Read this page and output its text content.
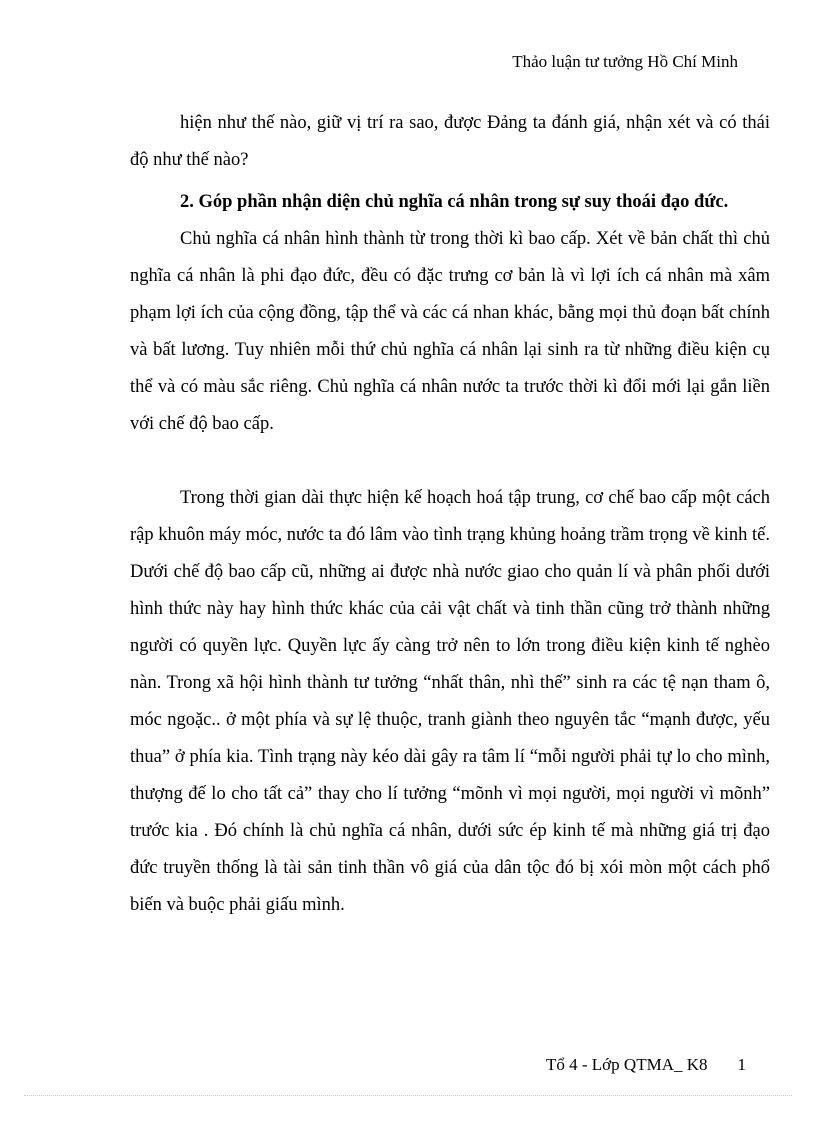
Thảo luận tư tưởng Hồ Chí Minh

hiện như thế nào, giữ vị trí ra sao, được Đảng ta đánh giá, nhận xét và có thái độ như thế nào?

2. Góp phần nhận diện chủ nghĩa cá nhân trong sự suy thoái đạo đức.

Chủ nghĩa cá nhân hình thành từ trong thời kì bao cấp. Xét về bản chất thì chủ nghĩa cá nhân là phi đạo đức, đều có đặc trưng cơ bản là vì lợi ích cá nhân mà xâm phạm lợi ích của cộng đồng, tập thể và các cá nhan khác, bằng mọi thủ đoạn bất chính và bất lương. Tuy nhiên mỗi thứ chủ nghĩa cá nhân lại sinh ra từ những điều kiện cụ thể và có màu sắc riêng. Chủ nghĩa cá nhân nước ta trước thời kì đổi mới lại gắn liền với chế độ bao cấp.

Trong thời gian dài thực hiện kế hoạch hoá tập trung, cơ chế bao cấp một cách rập khuôn máy móc, nước ta đó lâm vào tình trạng khủng hoảng trầm trọng về kinh tế. Dưới chế độ bao cấp cũ, những ai được nhà nước giao cho quản lí và phân phối dưới hình thức này hay hình thức khác của cải vật chất và tinh thần cũng trở thành những người có quyền lực. Quyền lực ấy càng trở nên to lớn trong điều kiện kinh tế nghèo nàn. Trong xã hội hình thành tư tưởng “nhất thân, nhì thế” sinh ra các tệ nạn tham ô, móc ngoặc.. ở một phía và sự lệ thuộc, tranh giành theo nguyên tắc “mạnh được, yếu thua” ở phía kia. Tình trạng này kéo dài gây ra tâm lí “mỗi người phải tự lo cho mình, thượng đế lo cho tất cả” thay cho lí tưởng “mõnh vì mọi người, mọi người vì mõnh” trước kia . Đó chính là chủ nghĩa cá nhân, dưới sức ép kinh tế mà những giá trị đạo đức truyền thống là tài sản tinh thần vô giá của dân tộc đó bị xói mòn một cách phổ biến và buộc phải giấu mình.

Tổ 4 - Lớp QTMA_ K8 1
